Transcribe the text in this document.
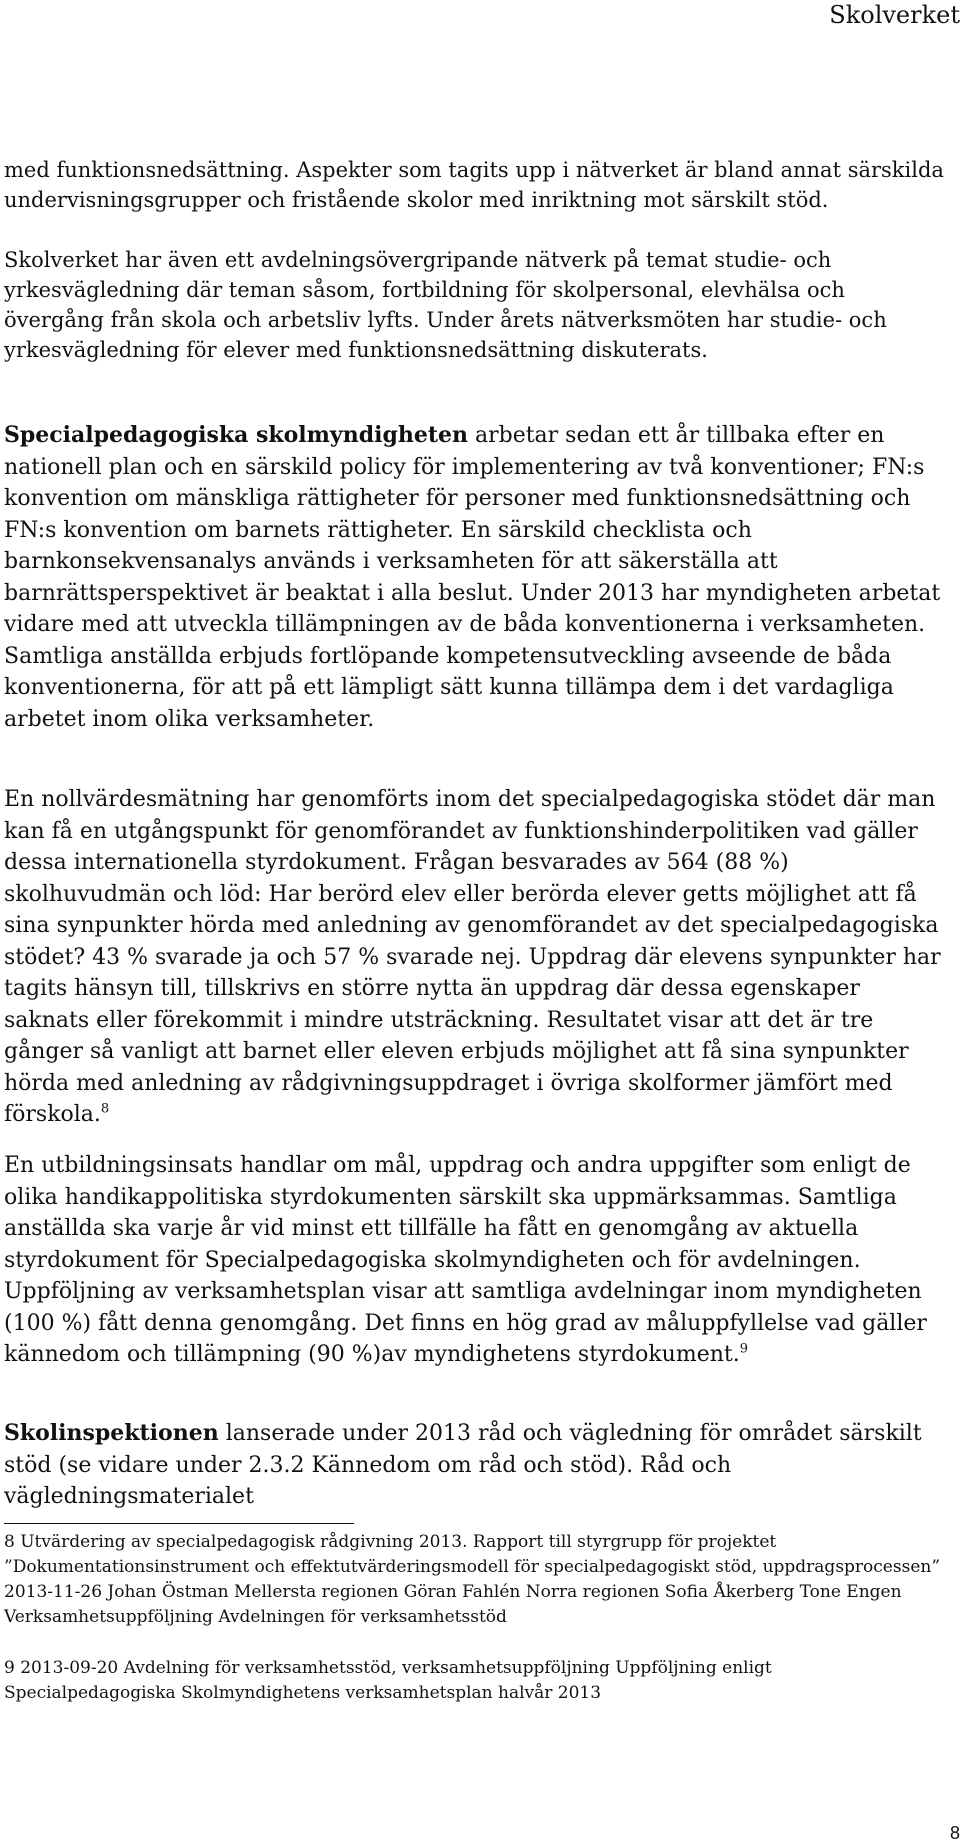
Skolverket

med funktionsnedsättning. Aspekter som tagits upp i nätverket är bland annat särskilda undervisningsgrupper och fristående skolor med inriktning mot särskilt stöd.

Skolverket har även ett avdelningsövergripande nätverk på temat studie- och yrkesvägledning där teman såsom, fortbildning för skolpersonal, elevhälsa och övergång från skola och arbetsliv lyfts. Under årets nätverksmöten har studie- och yrkesvägledning för elever med funktionsnedsättning diskuterats.

Specialpedagogiska skolmyndigheten arbetar sedan ett år tillbaka efter en nationell plan och en särskild policy för implementering av två konventioner; FN:s konvention om mänskliga rättigheter för personer med funktionsnedsättning och FN:s konvention om barnets rättigheter. En särskild checklista och barnkonsekvensanalys används i verksamheten för att säkerställa att barnrättsperspektivet är beaktat i alla beslut. Under 2013 har myndigheten arbetat vidare med att utveckla tillämpningen av de båda konventionerna i verksamheten. Samtliga anställda erbjuds fortlöpande kompetensutveckling avseende de båda konventionerna, för att på ett lämpligt sätt kunna tillämpa dem i det vardagliga arbetet inom olika verksamheter.

En nollvärdesmätning har genomförts inom det specialpedagogiska stödet där man kan få en utgångspunkt för genomförandet av funktionshinderpolitiken vad gäller dessa internationella styrdokument. Frågan besvarades av 564 (88 %) skolhuvudmän och löd: Har berörd elev eller berörda elever getts möjlighet att få sina synpunkter hörda med anledning av genomförandet av det specialpedagogiska stödet? 43 % svarade ja och 57 % svarade nej. Uppdrag där elevens synpunkter har tagits hänsyn till, tillskrivs en större nytta än uppdrag där dessa egenskaper saknats eller förekommit i mindre utsträckning. Resultatet visar att det är tre gånger så vanligt att barnet eller eleven erbjuds möjlighet att få sina synpunkter hörda med anledning av rådgivningsuppdraget i övriga skolformer jämfört med förskola.$^8$

En utbildningsinsats handlar om mål, uppdrag och andra uppgifter som enligt de olika handikappolitiska styrdokumenten särskilt ska uppmärksammas. Samtliga anställda ska varje år vid minst ett tillfälle ha fått en genomgång av aktuella styrdokument för Specialpedagogiska skolmyndigheten och för avdelningen. Uppföljning av verksamhetsplan visar att samtliga avdelningar inom myndigheten (100 %) fått denna genomgång. Det finns en hög grad av måluppfyllelse vad gäller kännedom och tillämpning (90 %)av myndighetens styrdokument.$^9$

Skolinspektionen lanserade under 2013 råd och vägledning för området särskilt stöd (se vidare under 2.3.2 Kännedom om råd och stöd). Råd och vägledningsmaterialet

8 Utvärdering av specialpedagogisk rådgivning 2013. Rapport till styrgrupp för projektet ”Dokumentationsinstrument och effektutvärderingsmodell för specialpedagogiskt stöd, uppdragsprocessen” 2013-11-26 Johan Östman Mellersta regionen Göran Fahlén Norra regionen Sofia Åkerberg Tone Engen Verksamhetsuppföljning Avdelningen för verksamhetsstöd

9 2013-09-20 Avdelning för verksamhetsstöd, verksamhetsuppföljning Uppföljning enligt Specialpedagogiska Skolmyndighetens verksamhetsplan halvår 2013

8
